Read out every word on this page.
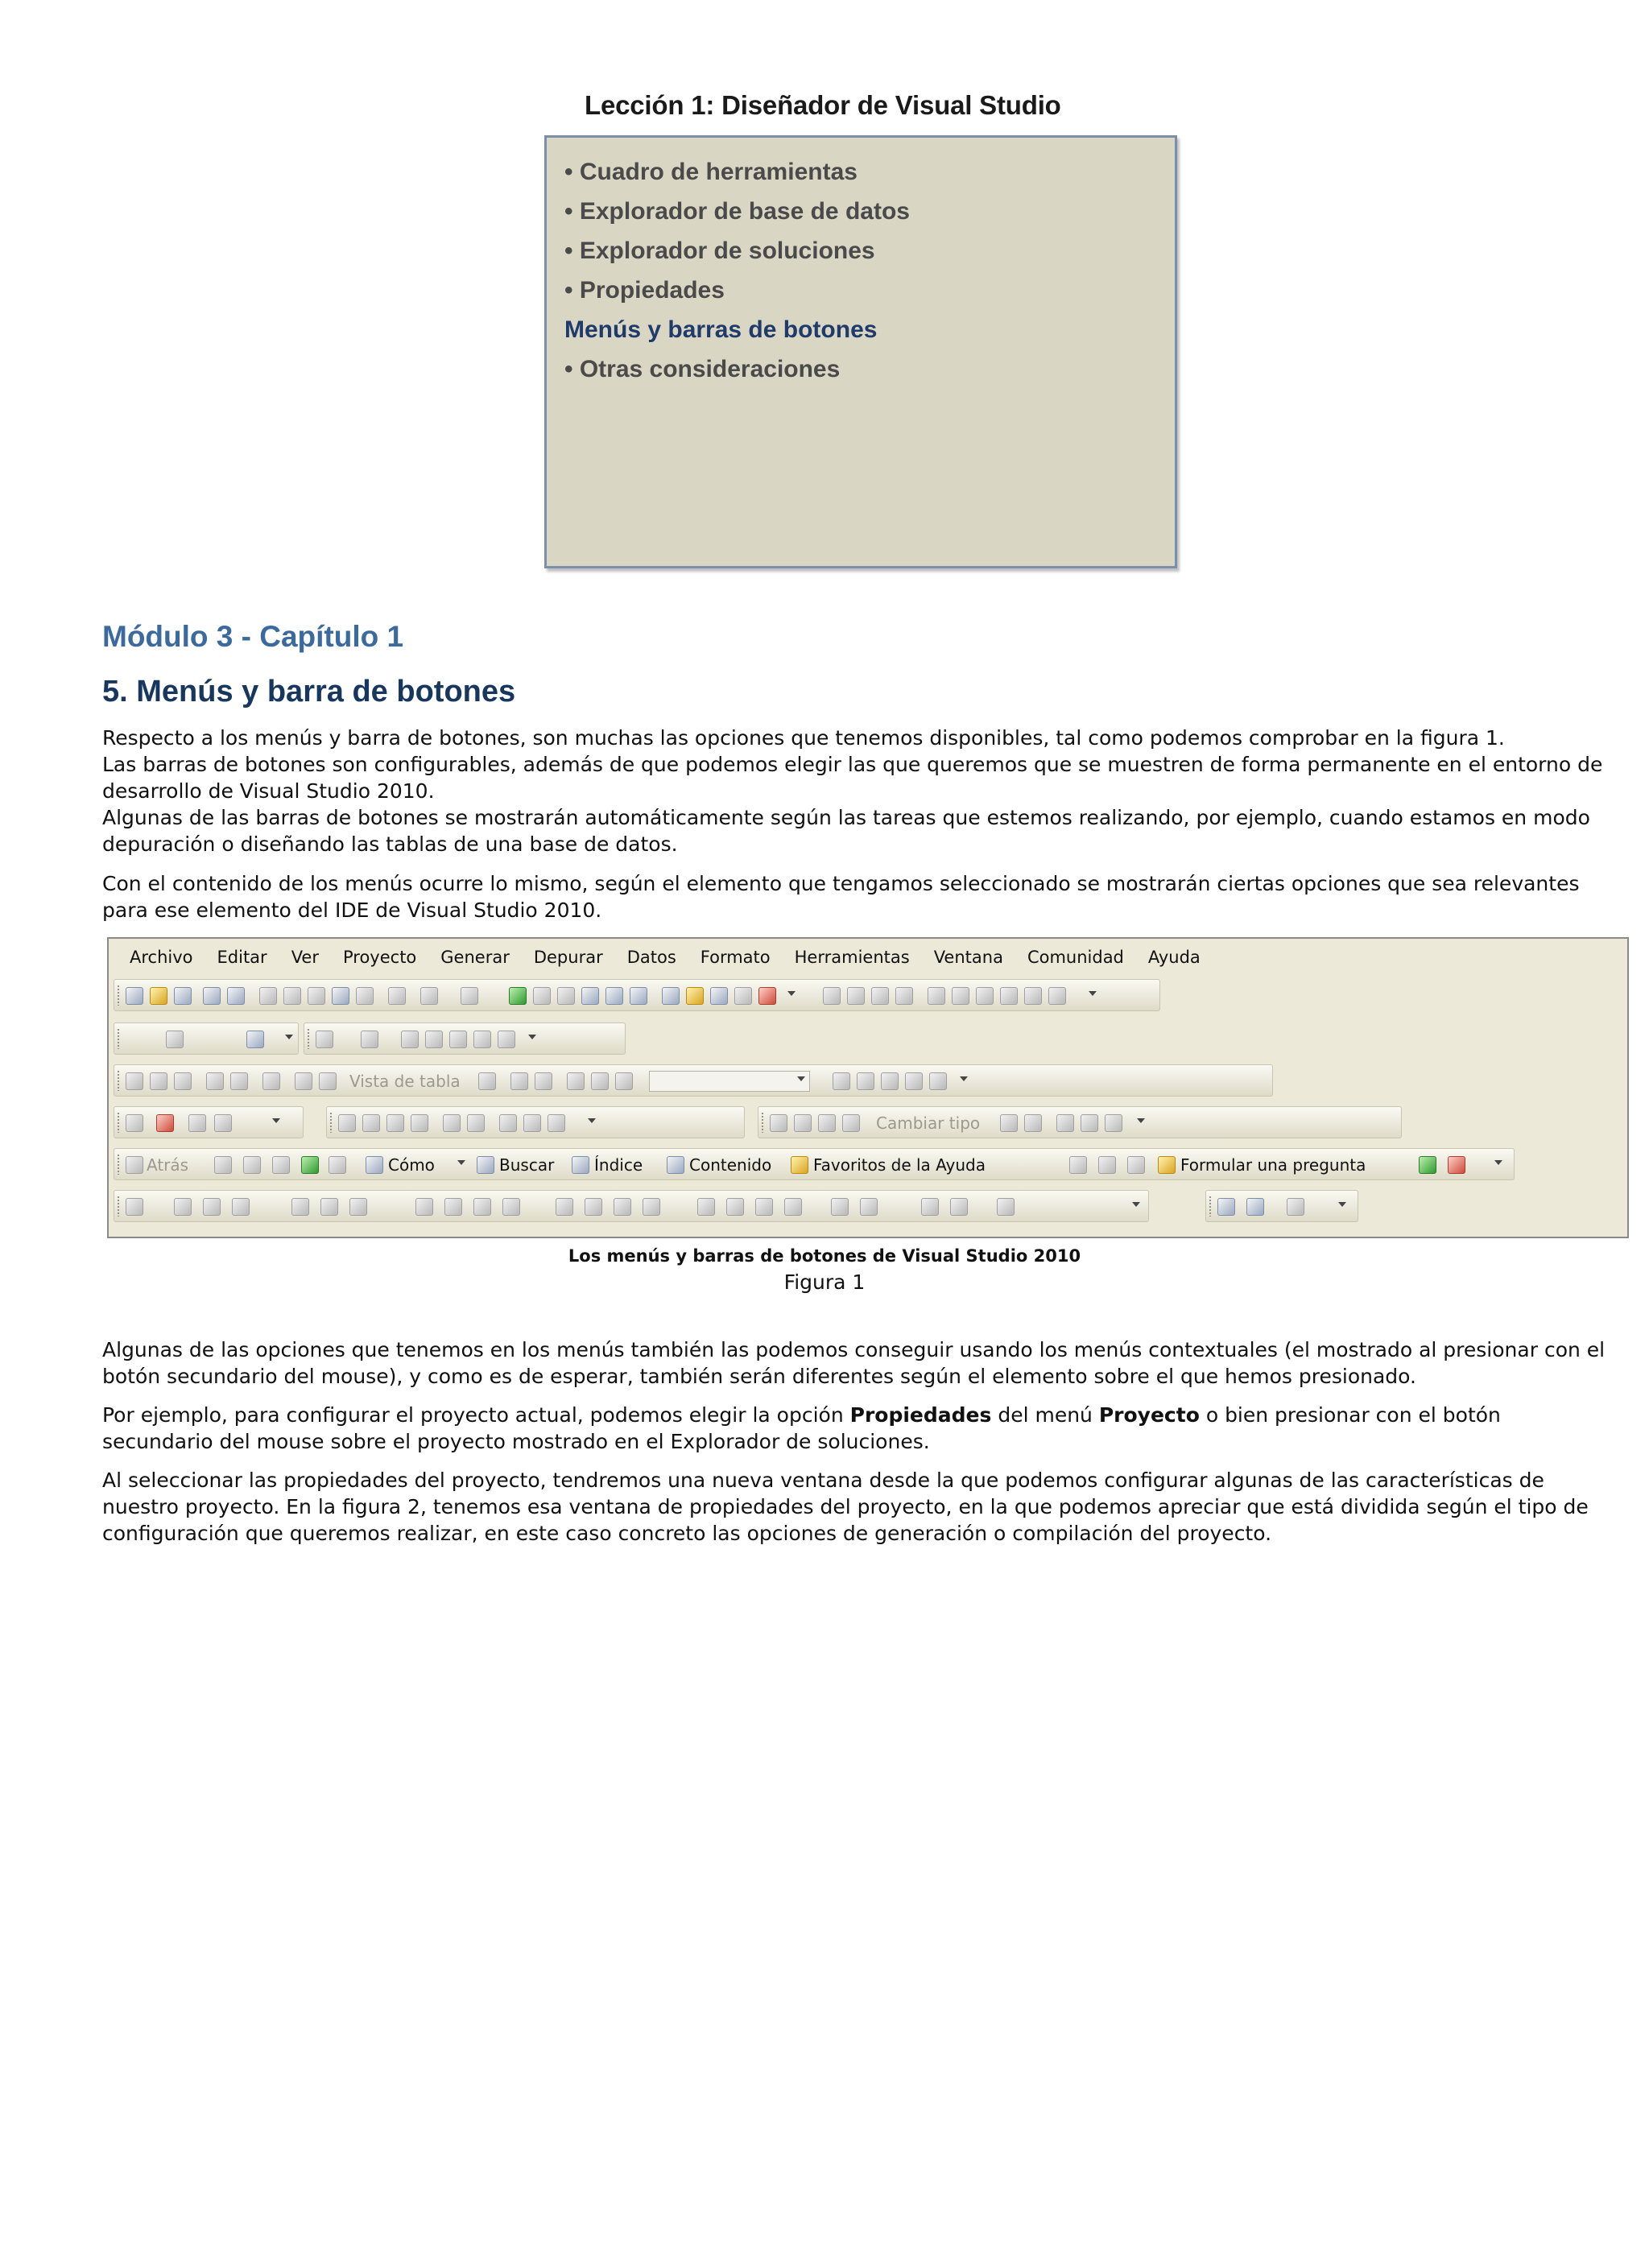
Lección 1: Diseñador de Visual Studio
• Cuadro de herramientas
• Explorador de base de datos
• Explorador de soluciones
• Propiedades
Menús y barras de botones
• Otras consideraciones
Módulo 3 - Capítulo 1
5. Menús y barra de botones

Respecto a los menús y barra de botones, son muchas las opciones que tenemos disponibles, tal como podemos comprobar en la figura 1.

Las barras de botones son configurables, además de que podemos elegir las que queremos que se muestren de forma permanente en el entorno de desarrollo de Visual Studio 2010.

Algunas de las barras de botones se mostrarán automáticamente según las tareas que estemos realizando, por ejemplo, cuando estamos en modo depuración o diseñando las tablas de una base de datos.

Con el contenido de los menús ocurre lo mismo, según el elemento que tengamos seleccionado se mostrarán ciertas opciones que sea relevantes para ese elemento del IDE de Visual Studio 2010.

Archivo Editar Ver Proyecto Generar Depurar Datos Formato Herramientas Ventana Comunidad Ayuda
Vista de tabla
Cambiar tipo
Atrás	Cómo	Buscar Índice	Contenido	Favoritos de la Ayuda	Formular una pregunta

Los menús y barras de botones de Visual Studio 2010

Figura 1

Algunas de las opciones que tenemos en los menús también las podemos conseguir usando los menús contextuales (el mostrado al presionar con el botón secundario del mouse), y como es de esperar, también serán diferentes según el elemento sobre el que hemos presionado.

Por ejemplo, para configurar el proyecto actual, podemos elegir la opción Propiedades del menú Proyecto o bien presionar con el botón secundario del mouse sobre el proyecto mostrado en el Explorador de soluciones.

Al seleccionar las propiedades del proyecto, tendremos una nueva ventana desde la que podemos configurar algunas de las características de nuestro proyecto. En la figura 2, tenemos esa ventana de propiedades del proyecto, en la que podemos apreciar que está dividida según el tipo de configuración que queremos realizar, en este caso concreto las opciones de generación o compilación del proyecto.
